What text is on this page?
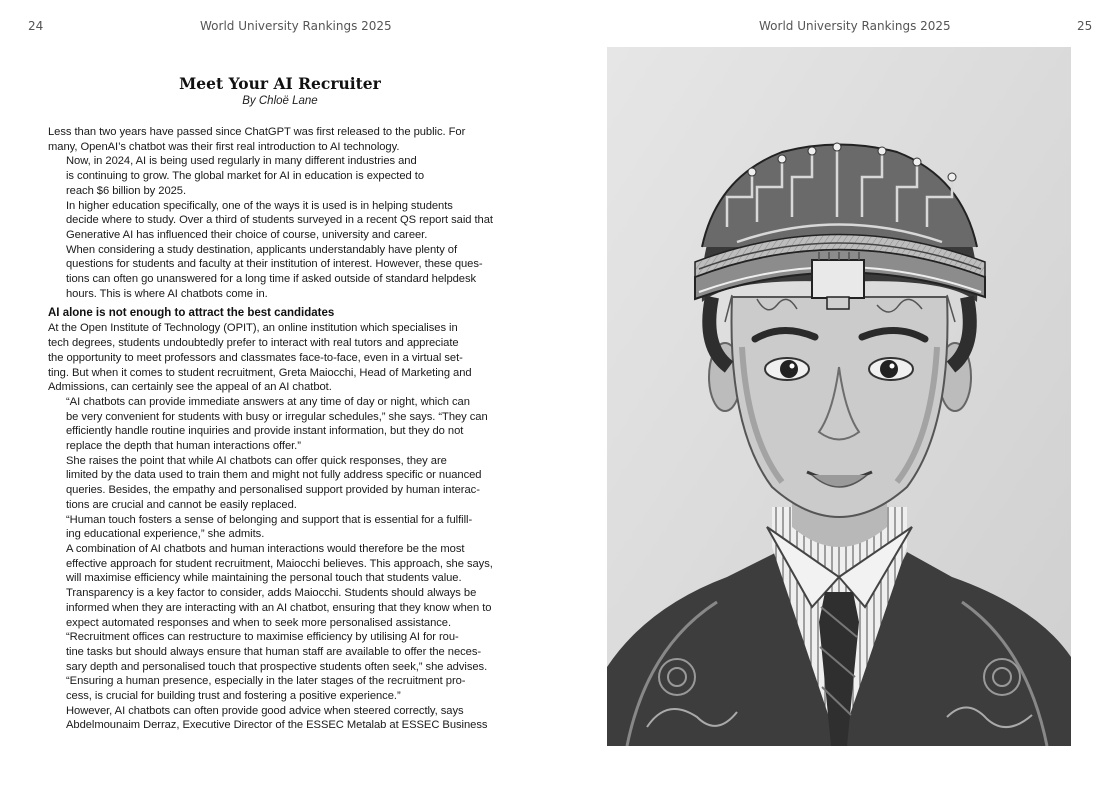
24	World University Rankings 2025	World University Rankings 2025	25
Meet Your AI Recruiter
By Chloë Lane
Less than two years have passed since ChatGPT was first released to the public. For
many, OpenAI’s chatbot was their first real introduction to AI technology.
Now, in 2024, AI is being used regularly in many different industries and
is continuing to grow. The global market for AI in education is expected to
reach $6 billion by 2025.
In higher education specifically, one of the ways it is used is in helping students
decide where to study. Over a third of students surveyed in a recent QS report said that
Generative AI has influenced their choice of course, university and career.
When considering a study destination, applicants understandably have plenty of
questions for students and faculty at their institution of interest. However, these ques-
tions can often go unanswered for a long time if asked outside of standard helpdesk
hours. This is where AI chatbots come in.
AI alone is not enough to attract the best candidates
At the Open Institute of Technology (OPIT), an online institution which specialises in
tech degrees, students undoubtedly prefer to interact with real tutors and appreciate
the opportunity to meet professors and classmates face-to-face, even in a virtual set-
ting. But when it comes to student recruitment, Greta Maiocchi, Head of Marketing and
Admissions, can certainly see the appeal of an AI chatbot.
“AI chatbots can provide immediate answers at any time of day or night, which can
be very convenient for students with busy or irregular schedules,” she says. “They can
efficiently handle routine inquiries and provide instant information, but they do not
replace the depth that human interactions offer.”
She raises the point that while AI chatbots can offer quick responses, they are
limited by the data used to train them and might not fully address specific or nuanced
queries. Besides, the empathy and personalised support provided by human interac-
tions are crucial and cannot be easily replaced.
“Human touch fosters a sense of belonging and support that is essential for a fulfill-
ing educational experience,” she admits.
A combination of AI chatbots and human interactions would therefore be the most
effective approach for student recruitment, Maiocchi believes. This approach, she says,
will maximise efficiency while maintaining the personal touch that students value.
Transparency is a key factor to consider, adds Maiocchi. Students should always be
informed when they are interacting with an AI chatbot, ensuring that they know when to
expect automated responses and when to seek more personalised assistance.
“Recruitment offices can restructure to maximise efficiency by utilising AI for rou-
tine tasks but should always ensure that human staff are available to offer the neces-
sary depth and personalised touch that prospective students often seek,” she advises.
“Ensuring a human presence, especially in the later stages of the recruitment pro-
cess, is crucial for building trust and fostering a positive experience.”
However, AI chatbots can often provide good advice when steered correctly, says
Abdelmounaim Derraz, Executive Director of the ESSEC Metalab at ESSEC Business
